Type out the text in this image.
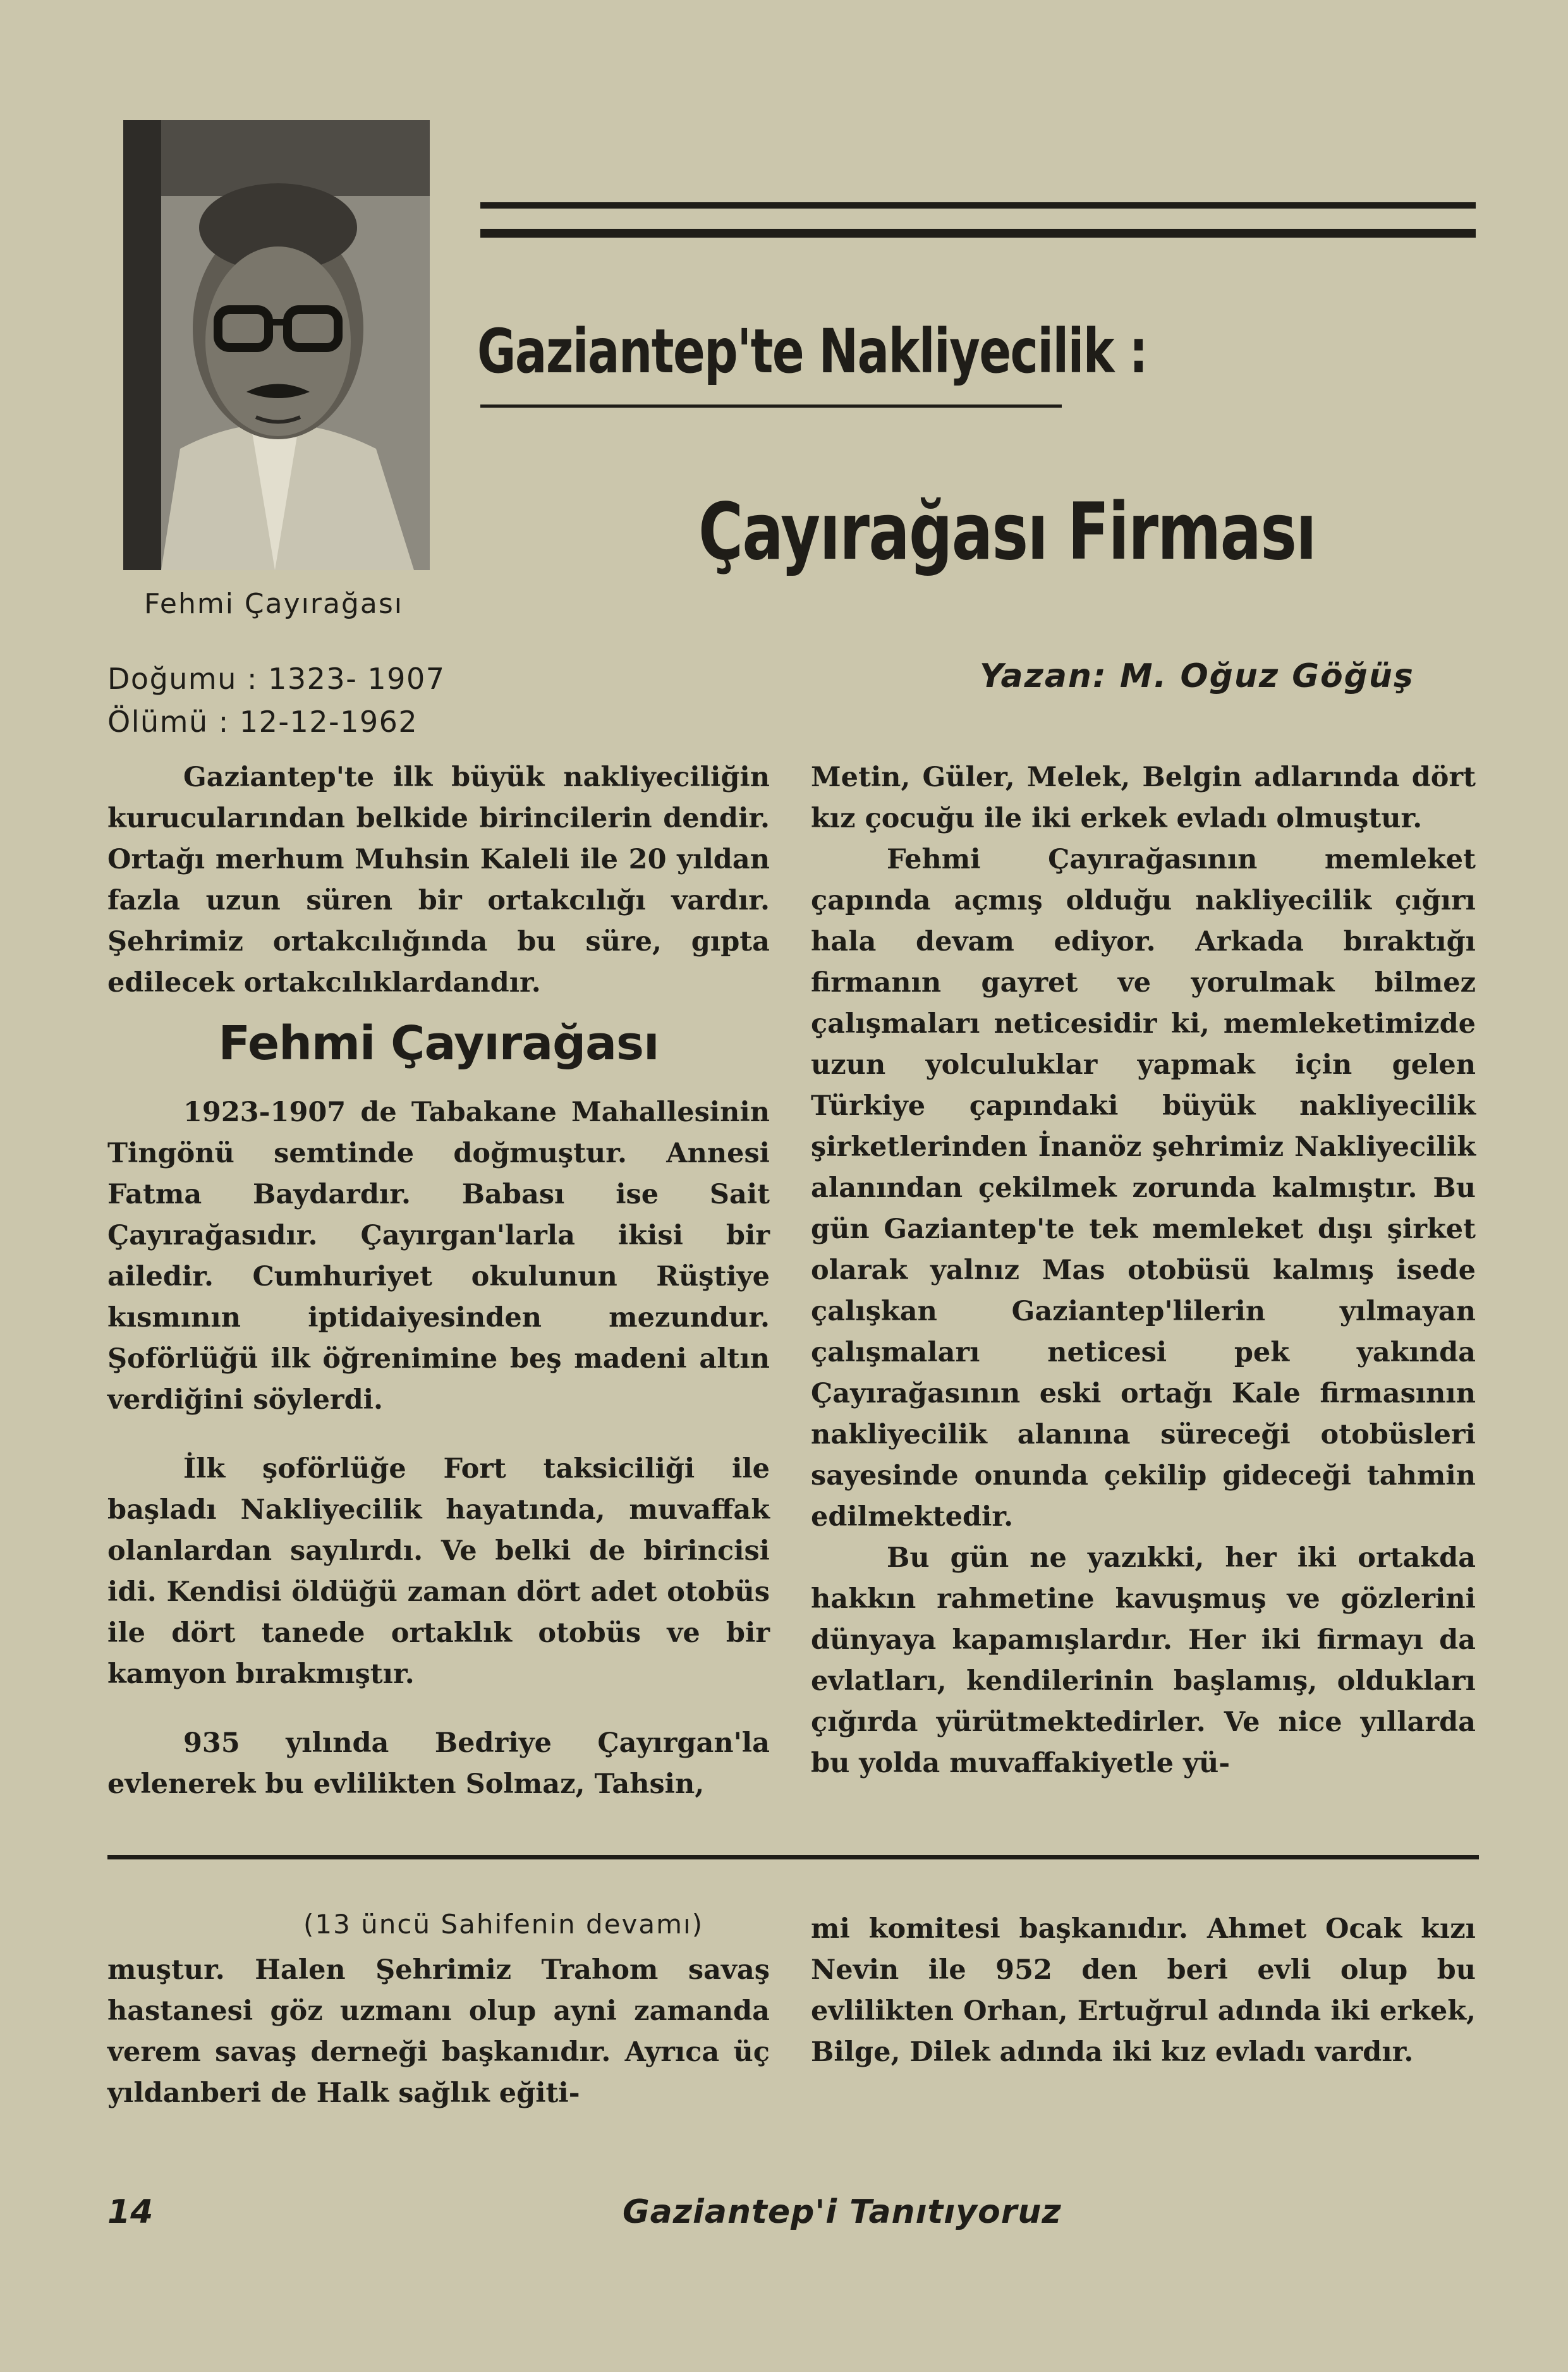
Fehmi Çayırağası
Doğumu : 1323- 1907
Ölümü : 12-12-1962
Gaziantep'te Nakliyecilik :
Çayırağası Firması
Yazan: M. Oğuz Göğüş

Gaziantep'te ilk büyük nakliyeciliğin kurucularından belkide birincilerin dendir. Ortağı merhum Muhsin Kaleli ile 20 yıldan fazla uzun süren bir ortakcılığı vardır. Şehrimiz ortakcılığında bu süre, gıpta edilecek ortakcılıklardandır.

Fehmi Çayırağası

1923-1907 de Tabakane Mahallesinin Tingönü semtinde doğmuştur. Annesi Fatma Baydardır. Babası ise Sait Çayırağasıdır. Çayırgan'larla ikisi bir ailedir. Cumhuriyet okulunun Rüştiye kısmının iptidaiyesinden mezundur. Şoförlüğü ilk öğrenimine beş madeni altın verdiğini söylerdi.

İlk şoförlüğe Fort taksiciliği ile başladı Nakliyecilik hayatında, muvaffak olanlardan sayılırdı. Ve belki de birincisi idi. Kendisi öldüğü zaman dört adet otobüs ile dört tanede ortaklık otobüs ve bir kamyon bırakmıştır.

935 yılında Bedriye Çayırgan'la evlenerek bu evlilikten Solmaz, Tahsin,

Metin, Güler, Melek, Belgin adlarında dört kız çocuğu ile iki erkek evladı olmuştur.

Fehmi Çayırağasının memleket çapında açmış olduğu nakliyecilik çığırı hala devam ediyor. Arkada bıraktığı firmanın gayret ve yorulmak bilmez çalışmaları neticesidir ki, memleketimizde uzun yolculuklar yapmak için gelen Türkiye çapındaki büyük nakliyecilik şirketlerinden İnanöz şehrimiz Nakliyecilik alanından çekilmek zorunda kalmıştır. Bu gün Gaziantep'te tek memleket dışı şirket olarak yalnız Mas otobüsü kalmış isede çalışkan Gaziantep'lilerin yılmayan çalışmaları neticesi pek yakında Çayırağasının eski ortağı Kale firmasının nakliyecilik alanına süreceği otobüsleri sayesinde onunda çekilip gideceği tahmin edilmektedir.

Bu gün ne yazıkki, her iki ortakda hakkın rahmetine kavuşmuş ve gözlerini dünyaya kapamışlardır. Her iki firmayı da evlatları, kendilerinin başlamış, oldukları çığırda yürütmektedirler. Ve nice yıllarda bu yolda muvaffakiyetle yü-

(13 üncü Sahifenin devamı)

muştur. Halen Şehrimiz Trahom savaş hastanesi göz uzmanı olup ayni zamanda verem savaş derneği başkanıdır. Ayrıca üç yıldanberi de Halk sağlık eğiti-

mi komitesi başkanıdır. Ahmet Ocak kızı Nevin ile 952 den beri evli olup bu evlilikten Orhan, Ertuğrul adında iki erkek, Bilge, Dilek adında iki kız evladı vardır.

14	Gaziantep'i Tanıtıyoruz
